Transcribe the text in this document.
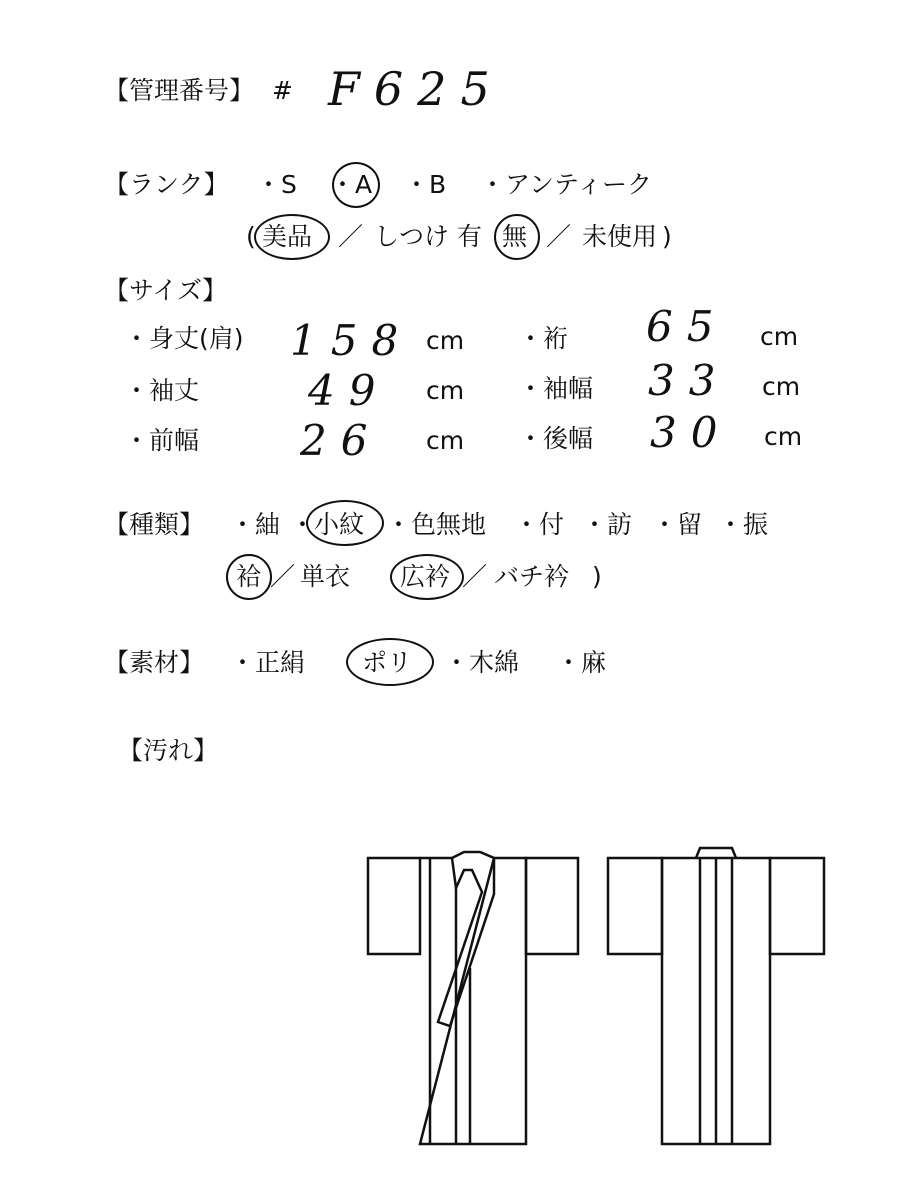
【管理番号】 # F625
【ランク】 ・S ・A ・B ・アンティーク
( 美品 ／ しつけ 有 無 ／ 未使用 )
【サイズ】
・身丈(肩) 158 cm ・裄 65 cm
・袖丈	49 cm ・袖幅 33 cm
・前幅 26 cm ・後幅 30 cm
【種類】 ・紬 ・
小紋 ・色無地 ・付 ・訪 ・留 ・振
袷 ／ 単衣 広衿 ／ バチ衿 )
【素材】 ・正絹 ポリ ・木綿 ・麻
【汚れ】
